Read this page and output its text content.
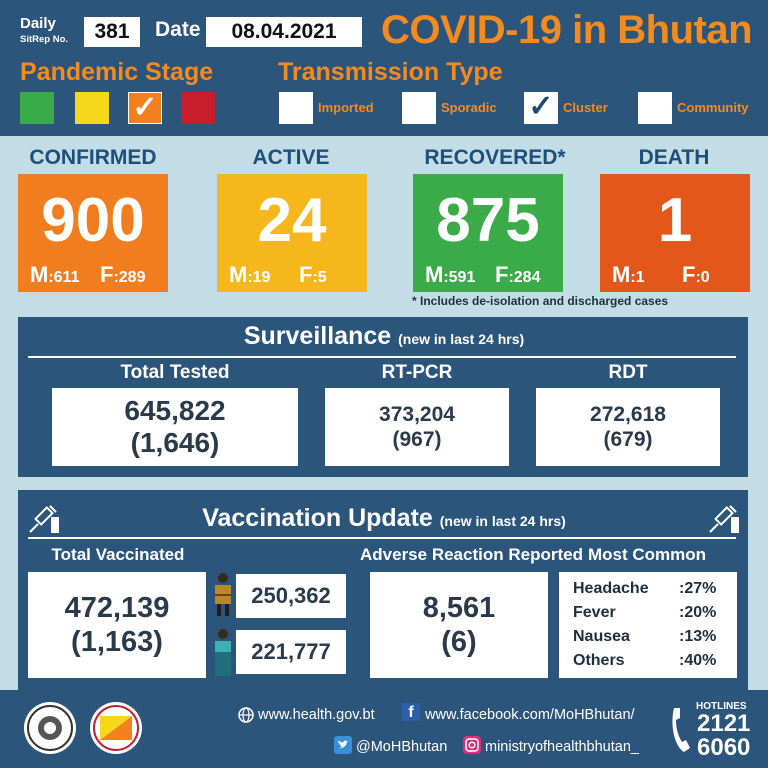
Daily
SitRep No.	381	Date	08.04.2021	COVID-19 in Bhutan
Pandemic Stage	Transmission Type
✓	Imported	Sporadic ✓ Cluster	Community
CONFIRMED	ACTIVE	RECOVERED*	DEATH
900
M:611 F:289
24
M:19 F:5
875
M:591 F:284
1
M:1 F:0
* Includes de-isolation and discharged cases
Surveillance (new in last 24 hrs)
Total Tested	RT-PCR	RDT
645,822
(1,646)
373,204
(967)
272,618
(679)
Vaccination Update (new in last 24 hrs)
Total Vaccinated	Adverse Reaction Reported Most Common
472,139
(1,163)
250,362
221,777
8,561
(6)
Headache	:27%
Fever	:20%
Nausea	:13%
Others	:40%
www.health.gov.bt	f www.facebook.com/MoHBhutan/
@MoHBhutan	ministryofhealthbhutan_
HOTLINES
2121
6060
